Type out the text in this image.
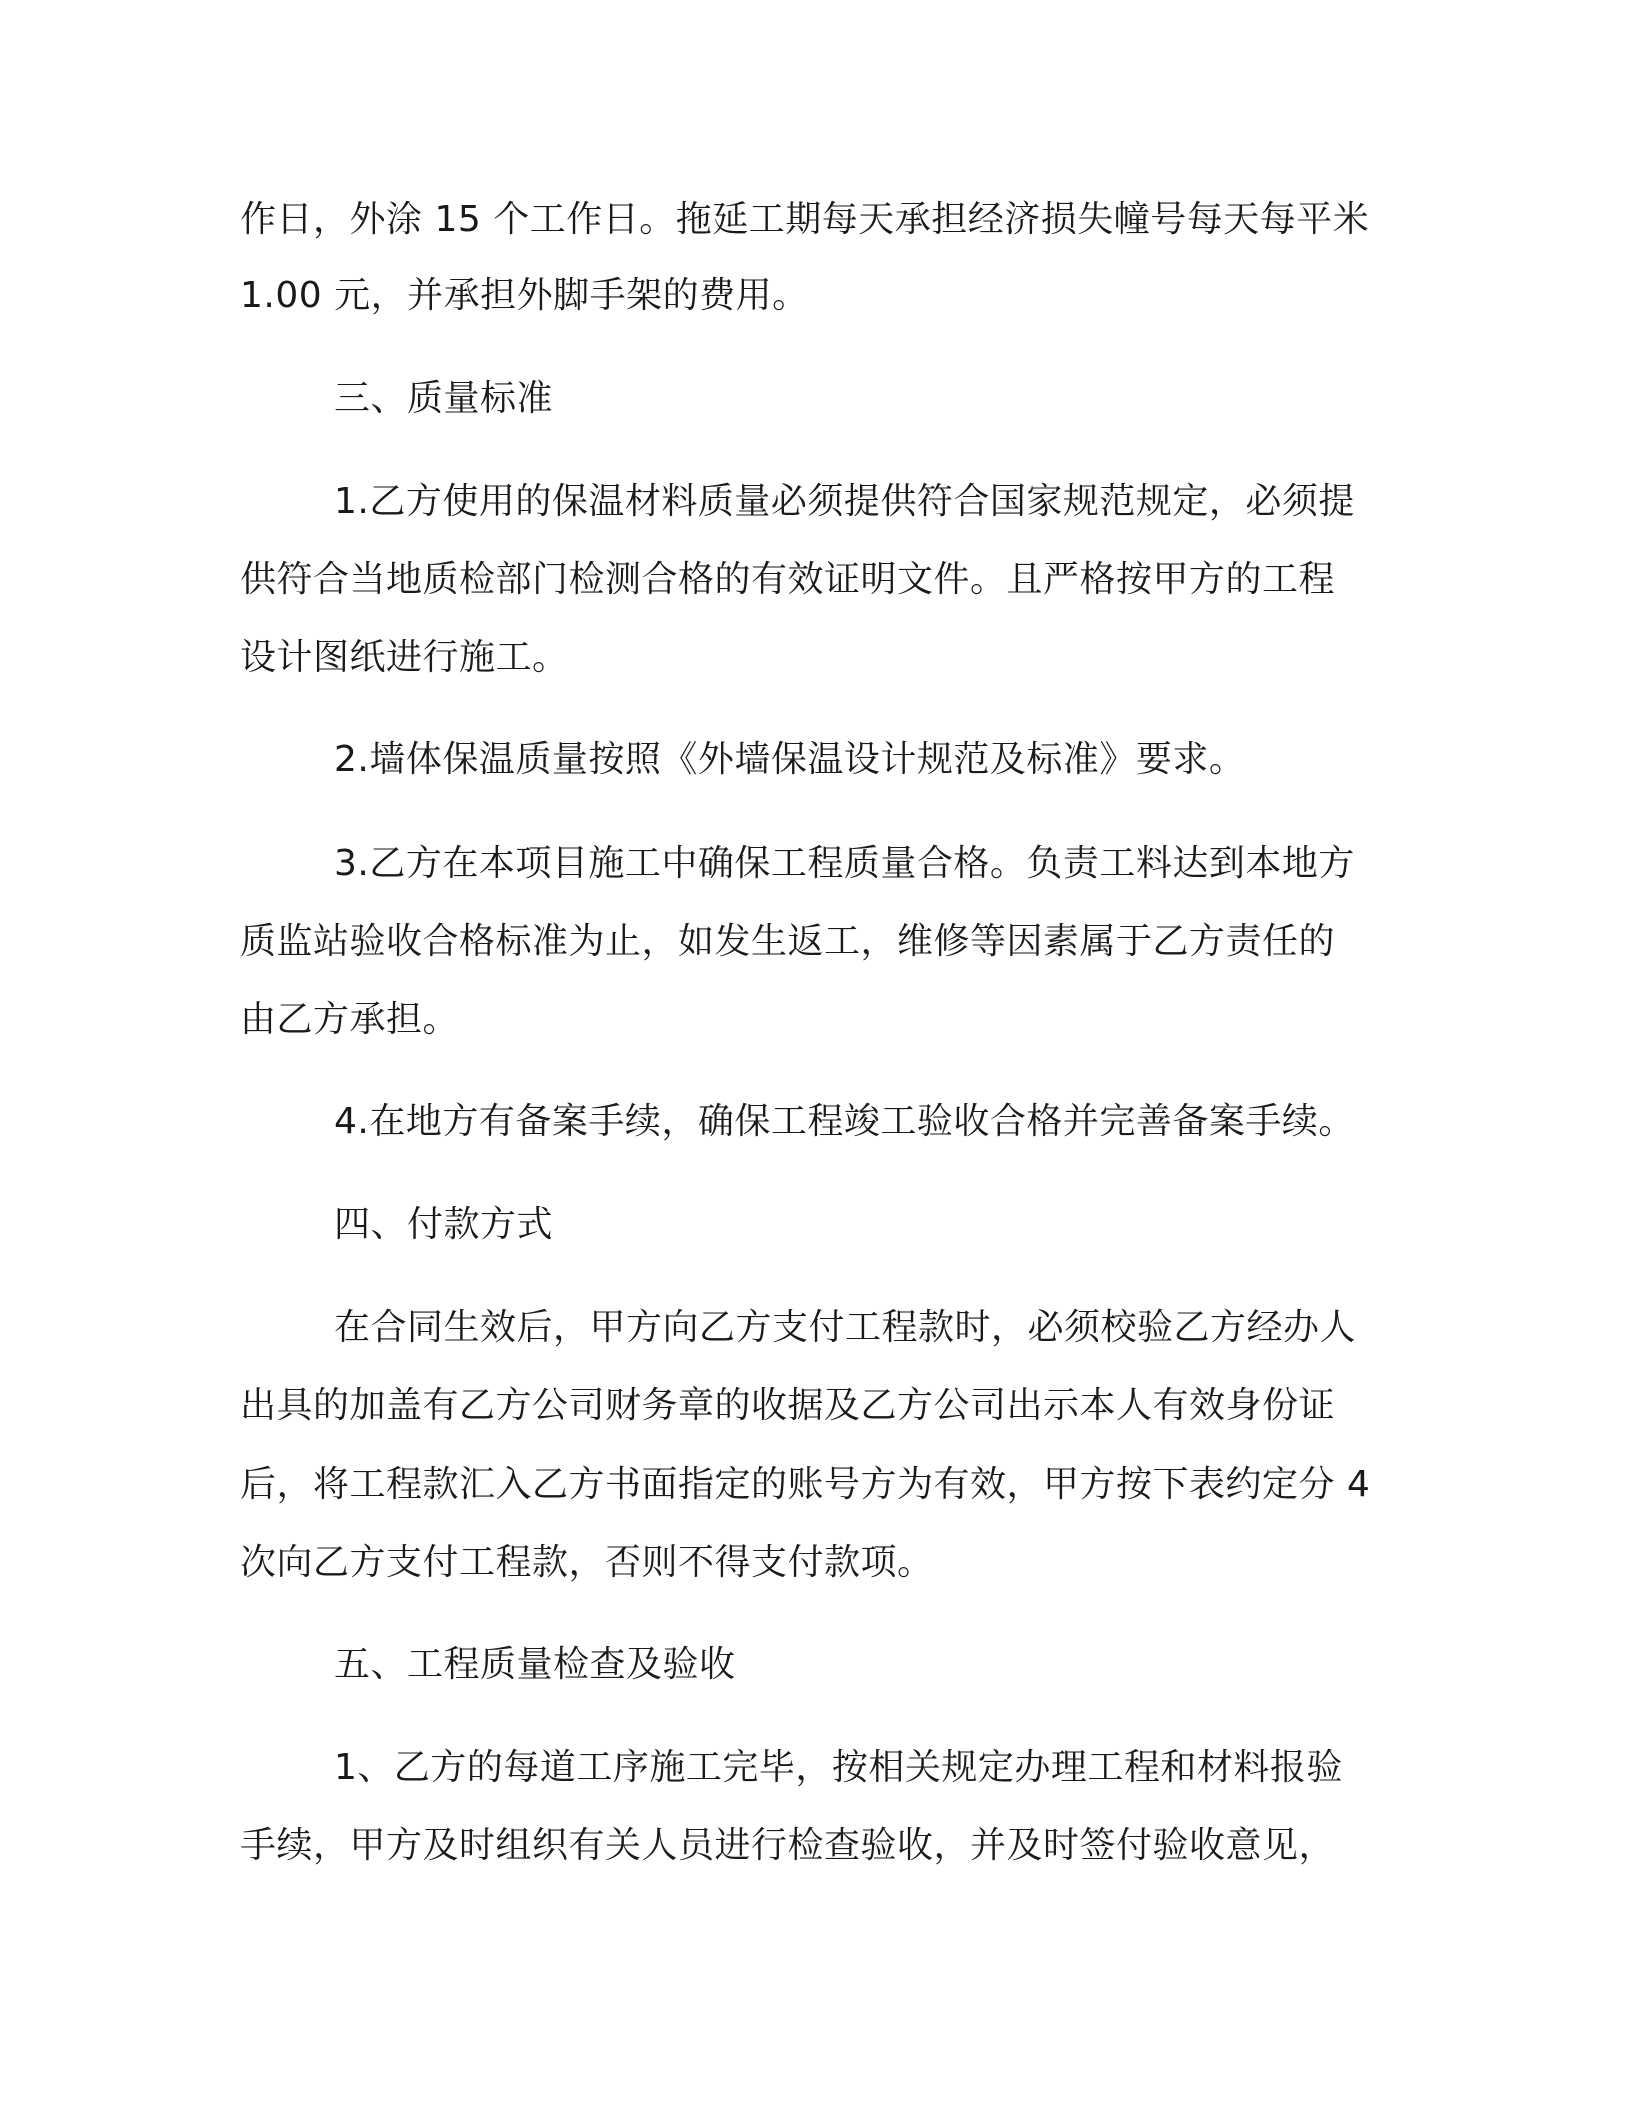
作日，外涂 15 个工作日。拖延工期每天承担经济损失幢号每天每平米

1.00 元，并承担外脚手架的费用。

三、质量标准

1.乙方使用的保温材料质量必须提供符合国家规范规定，必须提

供符合当地质检部门检测合格的有效证明文件。且严格按甲方的工程

设计图纸进行施工。

2.墙体保温质量按照《外墙保温设计规范及标准》要求。

3.乙方在本项目施工中确保工程质量合格。负责工料达到本地方

质监站验收合格标准为止，如发生返工，维修等因素属于乙方责任的

由乙方承担。

4.在地方有备案手续，确保工程竣工验收合格并完善备案手续。

四、付款方式

在合同生效后，甲方向乙方支付工程款时，必须校验乙方经办人

出具的加盖有乙方公司财务章的收据及乙方公司出示本人有效身份证

后，将工程款汇入乙方书面指定的账号方为有效，甲方按下表约定分 4

次向乙方支付工程款，否则不得支付款项。

五、工程质量检查及验收

1、乙方的每道工序施工完毕，按相关规定办理工程和材料报验

手续，甲方及时组织有关人员进行检查验收，并及时签付验收意见，
